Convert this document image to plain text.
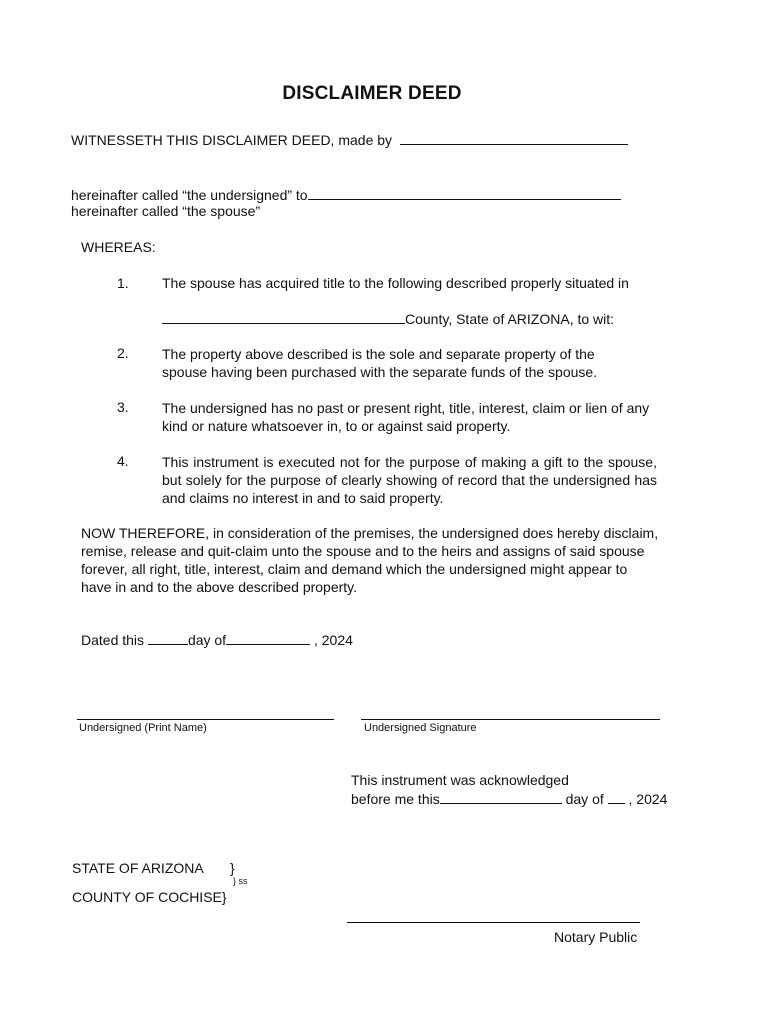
DISCLAIMER DEED
WITNESSETH THIS DISCLAIMER DEED, made by
hereinafter called “the undersigned” to
hereinafter called “the spouse”
WHEREAS:
1.	The spouse has acquired title to the following described properly situated in
County, State of ARIZONA, to wit:
2.	The property above described is the sole and separate property of the spouse having been purchased with the separate funds of the spouse.
3.	The undersigned has no past or present right, title, interest, claim or lien of any kind or nature whatsoever in, to or against said property.
4.	This instrument is executed not for the purpose of making a gift to the spouse, but solely for the purpose of clearly showing of record that the undersigned has and claims no interest in and to said property.
NOW THEREFORE, in consideration of the premises, the undersigned does hereby disclaim, remise, release and quit-claim unto the spouse and to the heirs and assigns of said spouse forever, all right, title, interest, claim and demand which the undersigned might appear to have in and to the above described property.
Dated this	day of	, 2024
Undersigned (Print Name)	Undersigned Signature
This instrument was acknowledged
before me this	day of , 2024
STATE OF ARIZONA }
} ss
COUNTY OF COCHISE}
Notary Public
